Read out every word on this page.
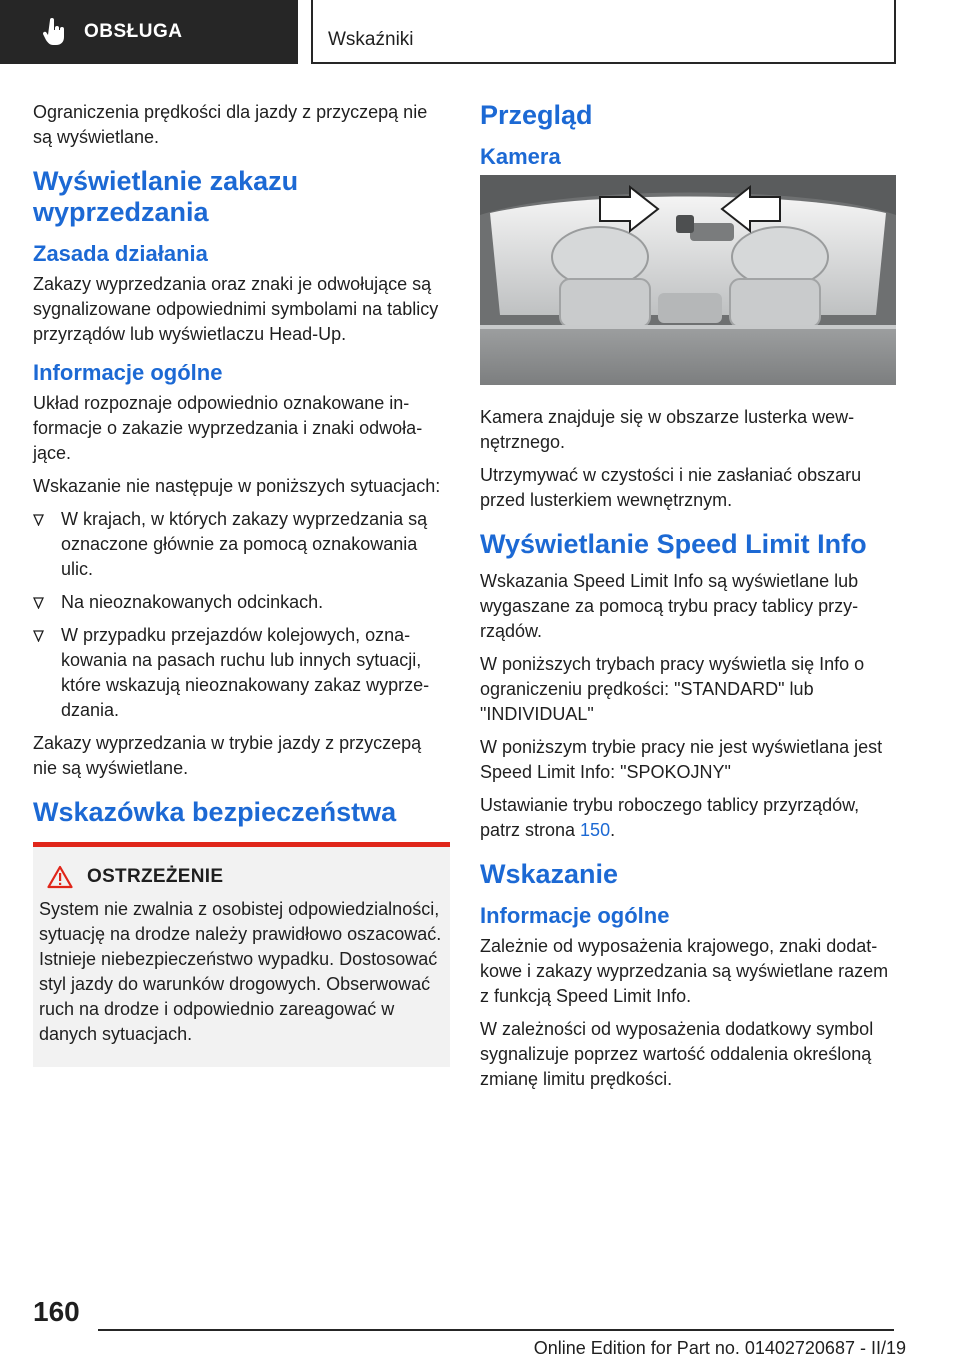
OBSŁUGA	Wskaźniki

Ograniczenia prędkości dla jazdy z przyczepą nie są wyświetlane.

Wyświetlanie zakazu wyprzedzania
Zasada działania

Zakazy wyprzedzania oraz znaki je odwołujące są sygnalizowane odpowiednimi symbolami na tablicy przyrządów lub wyświetlaczu Head-Up.

Informacje ogólne

Układ rozpoznaje odpowiednio oznakowane informacje o zakazie wyprzedzania i znaki odwołające.

Wskazanie nie następuje w poniższych sytuacjach:

W krajach, w których zakazy wyprzedzania są oznaczone głównie za pomocą oznakowania ulic.
Na nieoznakowanych odcinkach.
W przypadku przejazdów kolejowych, oznakowania na pasach ruchu lub innych sytuacji, które wskazują nieoznakowany zakaz wyprzedzania.

Zakazy wyprzedzania w trybie jazdy z przyczepą nie są wyświetlane.

Wskazówka bezpieczeństwa
OSTRZEŻENIE

System nie zwalnia z osobistej odpowiedzialności, sytuację na drodze należy prawidłowo oszacować. Istnieje niebezpieczeństwo wypadku. Dostosować styl jazdy do warunków drogowych. Obserwować ruch na drodze i odpowiednio zareagować w danych sytuacjach.

Przegląd
Kamera

Kamera znajduje się w obszarze lusterka wewnętrznego.

Utrzymywać w czystości i nie zasłaniać obszaru przed lusterkiem wewnętrznym.

Wyświetlanie Speed Limit Info

Wskazania Speed Limit Info są wyświetlane lub wygaszane za pomocą trybu pracy tablicy przyrządów.

W poniższych trybach pracy wyświetla się Info o ograniczeniu prędkości: "STANDARD" lub "INDIVIDUAL"

W poniższym trybie pracy nie jest wyświetlana jest Speed Limit Info: "SPOKOJNY"

Ustawianie trybu roboczego tablicy przyrządów, patrz strona 150.

Wskazanie
Informacje ogólne

Zależnie od wyposażenia krajowego, znaki dodatkowe i zakazy wyprzedzania są wyświetlane razem z funkcją Speed Limit Info.

W zależności od wyposażenia dodatkowy symbol sygnalizuje poprzez wartość oddalenia określoną zmianę limitu prędkości.

160
Online Edition for Part no. 01402720687 - II/19
